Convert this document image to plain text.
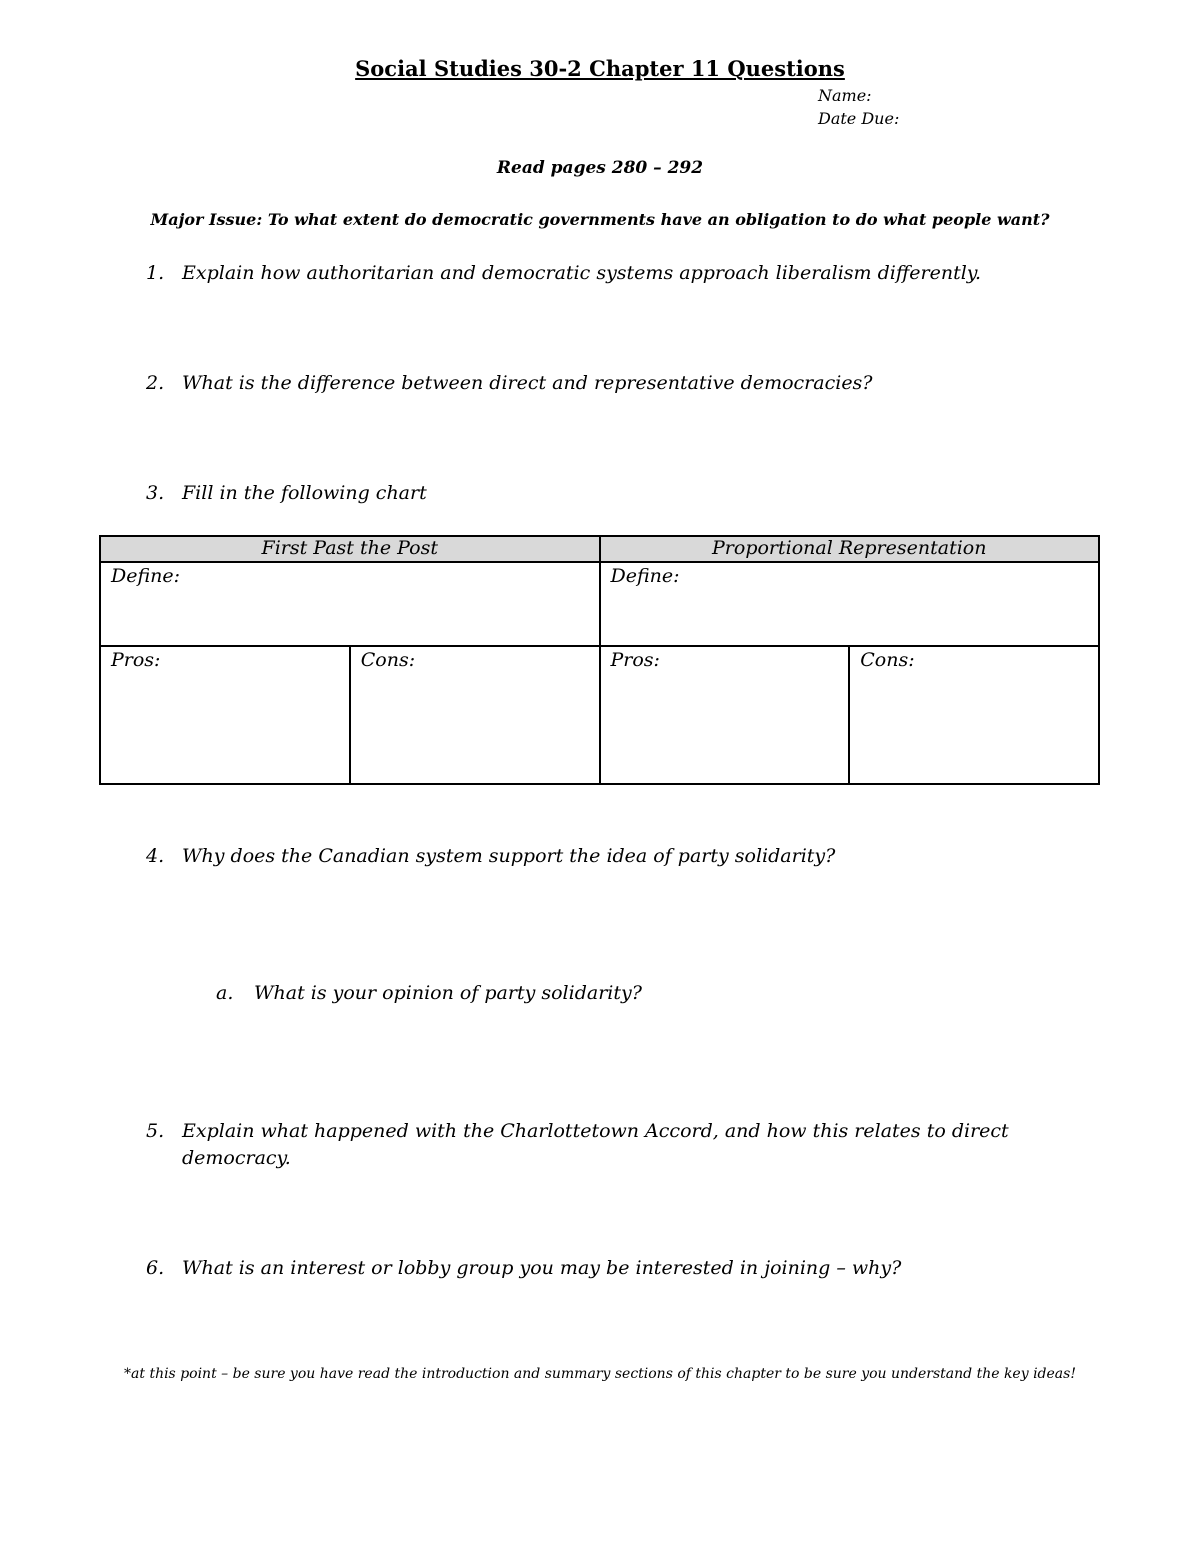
Social Studies 30-2 Chapter 11 Questions
Name:
Date Due:
Read pages 280 – 292
Major Issue: To what extent do democratic governments have an obligation to do what people want?
1. Explain how authoritarian and democratic systems approach liberalism differently.
2. What is the difference between direct and representative democracies?
3. Fill in the following chart
First Past the Post		Proportional Representation	
Define:		Define:	
Pros:	Cons:	Pros:	Cons:
4. Why does the Canadian system support the idea of party solidarity?
a. What is your opinion of party solidarity?
5. Explain what happened with the Charlottetown Accord, and how this relates to direct
democracy.
6. What is an interest or lobby group you may be interested in joining – why?
*at this point – be sure you have read the introduction and summary sections of this chapter to be sure you understand the key ideas!
